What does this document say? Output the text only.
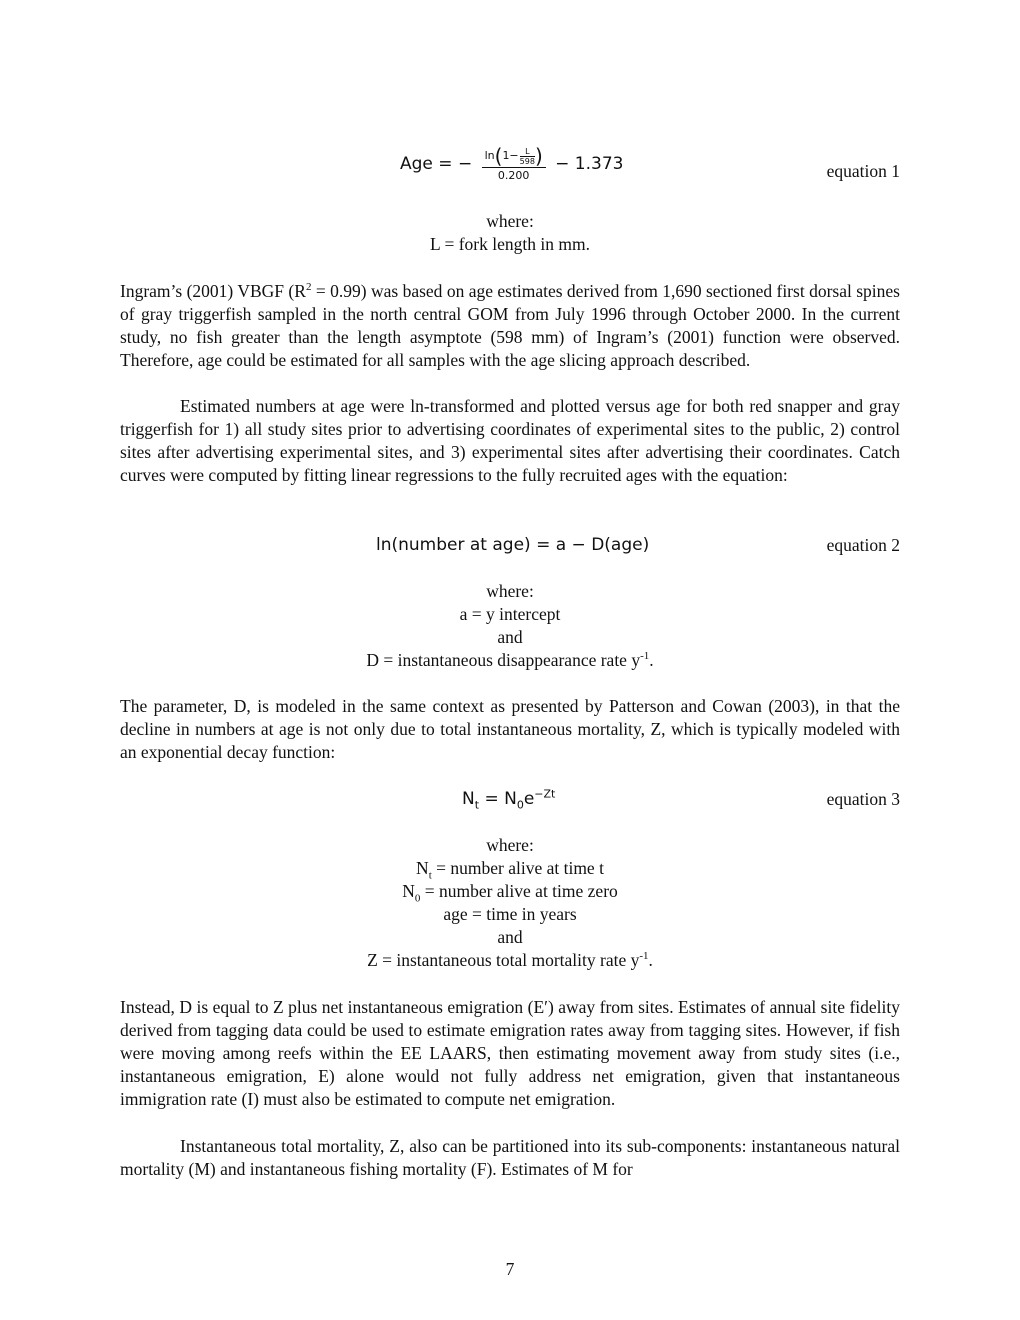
Age = − $\frac{\ln(1- \frac{L}{598} )}{0.200} - 1.373$	equation 1
where:
L = fork length in mm.

Ingram’s (2001) VBGF $(R^2 = 0.99)$ was based on age estimates derived from 1,690 sectioned first dorsal spines of gray triggerfish sampled in the north central GOM from July 1996 through October 2000. In the current study, no fish greater than the length asymptote (598 mm) of Ingram’s (2001) function were observed. Therefore, age could be estimated for all samples with the age slicing approach described.

Estimated numbers at age were ln-transformed and plotted versus age for both red snapper and gray triggerfish for 1) all study sites prior to advertising coordinates of experimental sites to the public, 2) control sites after advertising experimental sites, and 3) experimental sites after advertising their coordinates. Catch curves were computed by fitting linear regressions to the fully recruited ages with the equation:

ln(number at age) = a − D(age)	equation 2
where:
a = y intercept
and
D = instantaneous disappearance rate $y^{-1}$.

The parameter, D, is modeled in the same context as presented by Patterson and Cowan (2003), in that the decline in numbers at age is not only due to total instantaneous mortality, Z, which is typically modeled with an exponential decay function:

$N_t = N_0e^{-Zt}$	equation 3
where:
$N_t$ = number alive at time t
$N_0$ = number alive at time zero
age = time in years
and
Z = instantaneous total mortality rate $y^{-1}$.

Instead, D is equal to Z plus net instantaneous emigration (E′) away from sites. Estimates of annual site fidelity derived from tagging data could be used to estimate emigration rates away from tagging sites. However, if fish were moving among reefs within the EE LAARS, then estimating movement away from study sites (i.e., instantaneous emigration, E) alone would not fully address net emigration, given that instantaneous immigration rate (I) must also be estimated to compute net emigration.

Instantaneous total mortality, Z, also can be partitioned into its sub-components: instantaneous natural mortality (M) and instantaneous fishing mortality (F). Estimates of M for

7
